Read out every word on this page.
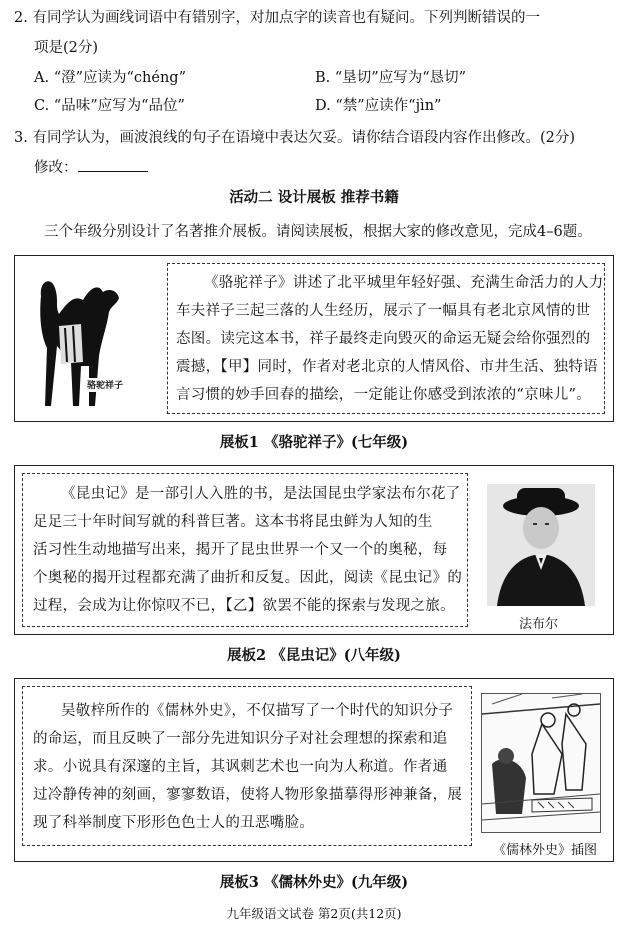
2. 有同学认为画线词语中有错别字，对加点字的读音也有疑问。下列判断错误的一
项是(2分)
A. “澄”应读为“chéng”	B. “垦切”应写为“恳切”
C. “品味”应写为“品位”	D. “禁”应读作“jìn”
3. 有同学认为，画波浪线的句子在语境中表达欠妥。请你结合语段内容作出修改。(2分)
修改：
活动二 设计展板 推荐书籍
三个年级分别设计了名著推介展板。请阅读展板，根据大家的修改意见，完成4–6题。
骆驼祥子
《骆驼祥子》讲述了北平城里年轻好强、充满生命活力的人力
车夫祥子三起三落的人生经历，展示了一幅具有老北京风情的世
态图。读完这本书，祥子最终走向毁灭的命运无疑会给你强烈的
震撼，【甲】同时，作者对老北京的人情风俗、市井生活、独特语
言习惯的妙手回春的描绘，一定能让你感受到浓浓的“京味儿”。
展板1 《骆驼祥子》(七年级)
《昆虫记》是一部引人入胜的书，是法国昆虫学家法布尔花了
足足三十年时间写就的科普巨著。这本书将昆虫鲜为人知的生
活习性生动地描写出来，揭开了昆虫世界一个又一个的奥秘，每
个奥秘的揭开过程都充满了曲折和反复。因此，阅读《昆虫记》的
过程，会成为让你惊叹不已，【乙】欲罢不能的探索与发现之旅。
法布尔
展板2 《昆虫记》(八年级)
吴敬梓所作的《儒林外史》，不仅描写了一个时代的知识分子
的命运，而且反映了一部分先进知识分子对社会理想的探索和追
求。小说具有深邃的主旨，其讽刺艺术也一向为人称道。作者通
过冷静传神的刻画，寥寥数语，使将人物形象描摹得形神兼备，展
现了科举制度下形形色色士人的丑恶嘴脸。
《儒林外史》插图
展板3 《儒林外史》(九年级)
九年级语文试卷 第2页(共12页)
